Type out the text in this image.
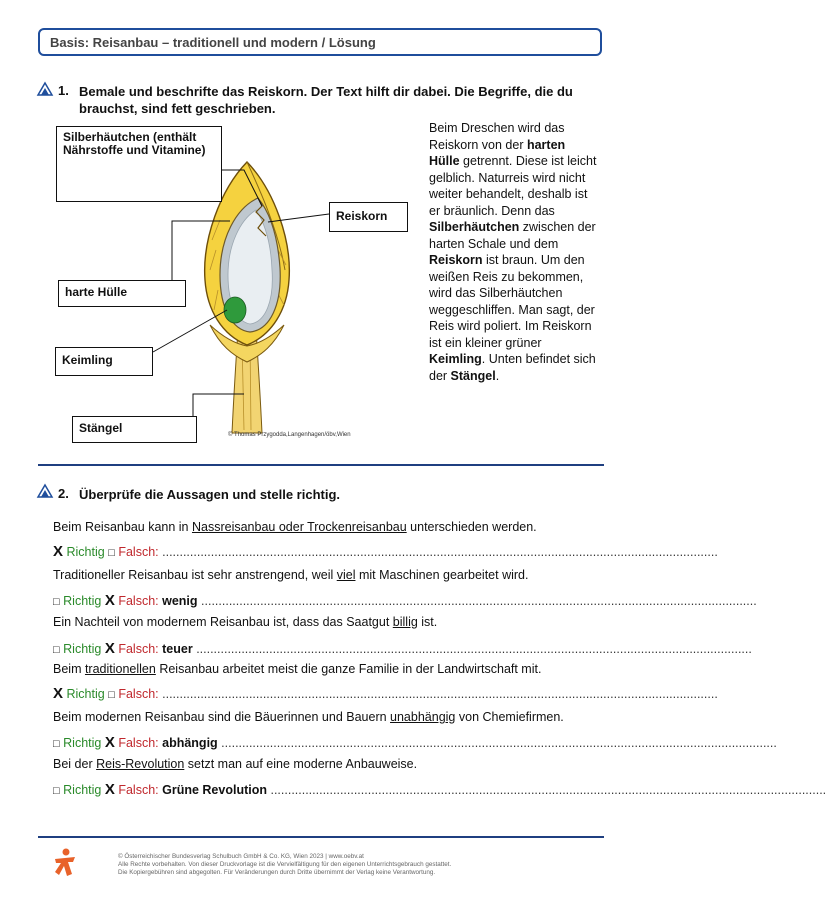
Basis: Reisanbau – traditionell und modern / Lösung
1. Bemale und beschrifte das Reiskorn. Der Text hilft dir dabei. Die Begriffe, die du
brauchst, sind fett geschrieben.
Silberhäutchen (enthält Nährstoffe und Vitamine)
Reiskorn
harte Hülle
Keimling
Stängel	© Thomas Przygodda,Langenhagen/öbv,Wien
Beim Dreschen wird das Reiskorn von der harten Hülle getrennt. Diese ist leicht gelblich. Naturreis wird nicht weiter behandelt, deshalb ist er bräunlich. Denn das Silberhäutchen zwischen der harten Schale und dem Reiskorn ist braun. Um den weißen Reis zu bekommen, wird das Silberhäutchen weggeschliffen. Man sagt, der Reis wird poliert. Im Reiskorn ist ein kleiner grüner Keimling. Unten befindet sich der Stängel.
2. Überprüfe die Aussagen und stelle richtig.
Beim Reisanbau kann in Nassreisanbau oder Trockenreisanbau unterschieden werden.
X Richtig □ Falsch: ................................................................................................................................................................
Traditioneller Reisanbau ist sehr anstrengend, weil viel mit Maschinen gearbeitet wird.
□ Richtig X Falsch: wenig ................................................................................................................................................................
Ein Nachteil von modernem Reisanbau ist, dass das Saatgut billig ist.
□ Richtig X Falsch: teuer ................................................................................................................................................................
Beim traditionellen Reisanbau arbeitet meist die ganze Familie in der Landwirtschaft mit.
X Richtig □ Falsch: ................................................................................................................................................................
Beim modernen Reisanbau sind die Bäuerinnen und Bauern unabhängig von Chemiefirmen.
□ Richtig X Falsch: abhängig ................................................................................................................................................................
Bei der Reis-Revolution setzt man auf eine moderne Anbauweise.
□ Richtig X Falsch: Grüne Revolution ................................................................................................................................................................
© Österreichischer Bundesverlag Schulbuch GmbH & Co. KG, Wien 2023 | www.oebv.at
Alle Rechte vorbehalten. Von dieser Druckvorlage ist die Vervielfältigung für den eigenen Unterrichtsgebrauch gestattet.
Die Kopiergebühren sind abgegolten. Für Veränderungen durch Dritte übernimmt der Verlag keine Verantwortung.
